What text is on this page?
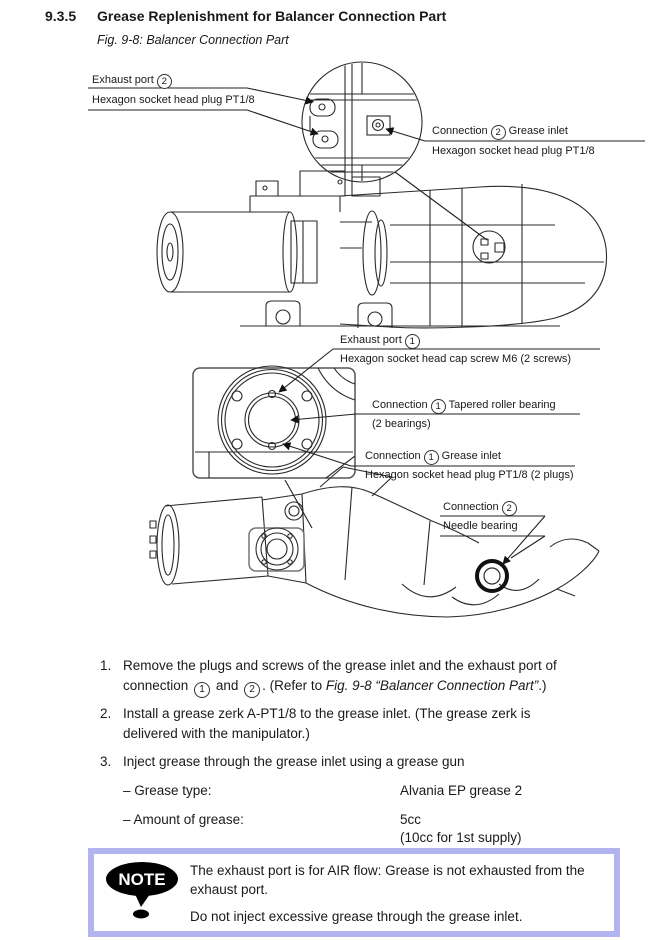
9.3.5 Grease Replenishment for Balancer Connection Part
Fig. 9-8: Balancer Connection Part
Exhaust port 2
Hexagon socket head plug PT1/8
Connection 2 Grease inlet
Hexagon socket head plug PT1/8
Exhaust port 1
Hexagon socket head cap screw M6 (2 screws)
Connection 1 Tapered roller bearing
(2 bearings)
Connection 1 Grease inlet
Hexagon socket head plug PT1/8 (2 plugs)
Connection 2
Needle bearing
1. Remove the plugs and screws of the grease inlet and the exhaust port of
connection 1 and 2 . (Refer to Fig. 9-8 “Balancer Connection Part”.)
2. Install a grease zerk A-PT1/8 to the grease inlet. (The grease zerk is
delivered with the manipulator.)
3. Inject grease through the grease inlet using a grease gun
– Grease type:	Alvania EP grease 2
– Amount of grease:	5cc
(10cc for 1st supply)
NOTE The exhaust port is for AIR flow: Grease is not exhausted from the exhaust port.

Do not inject excessive grease through the grease inlet.
